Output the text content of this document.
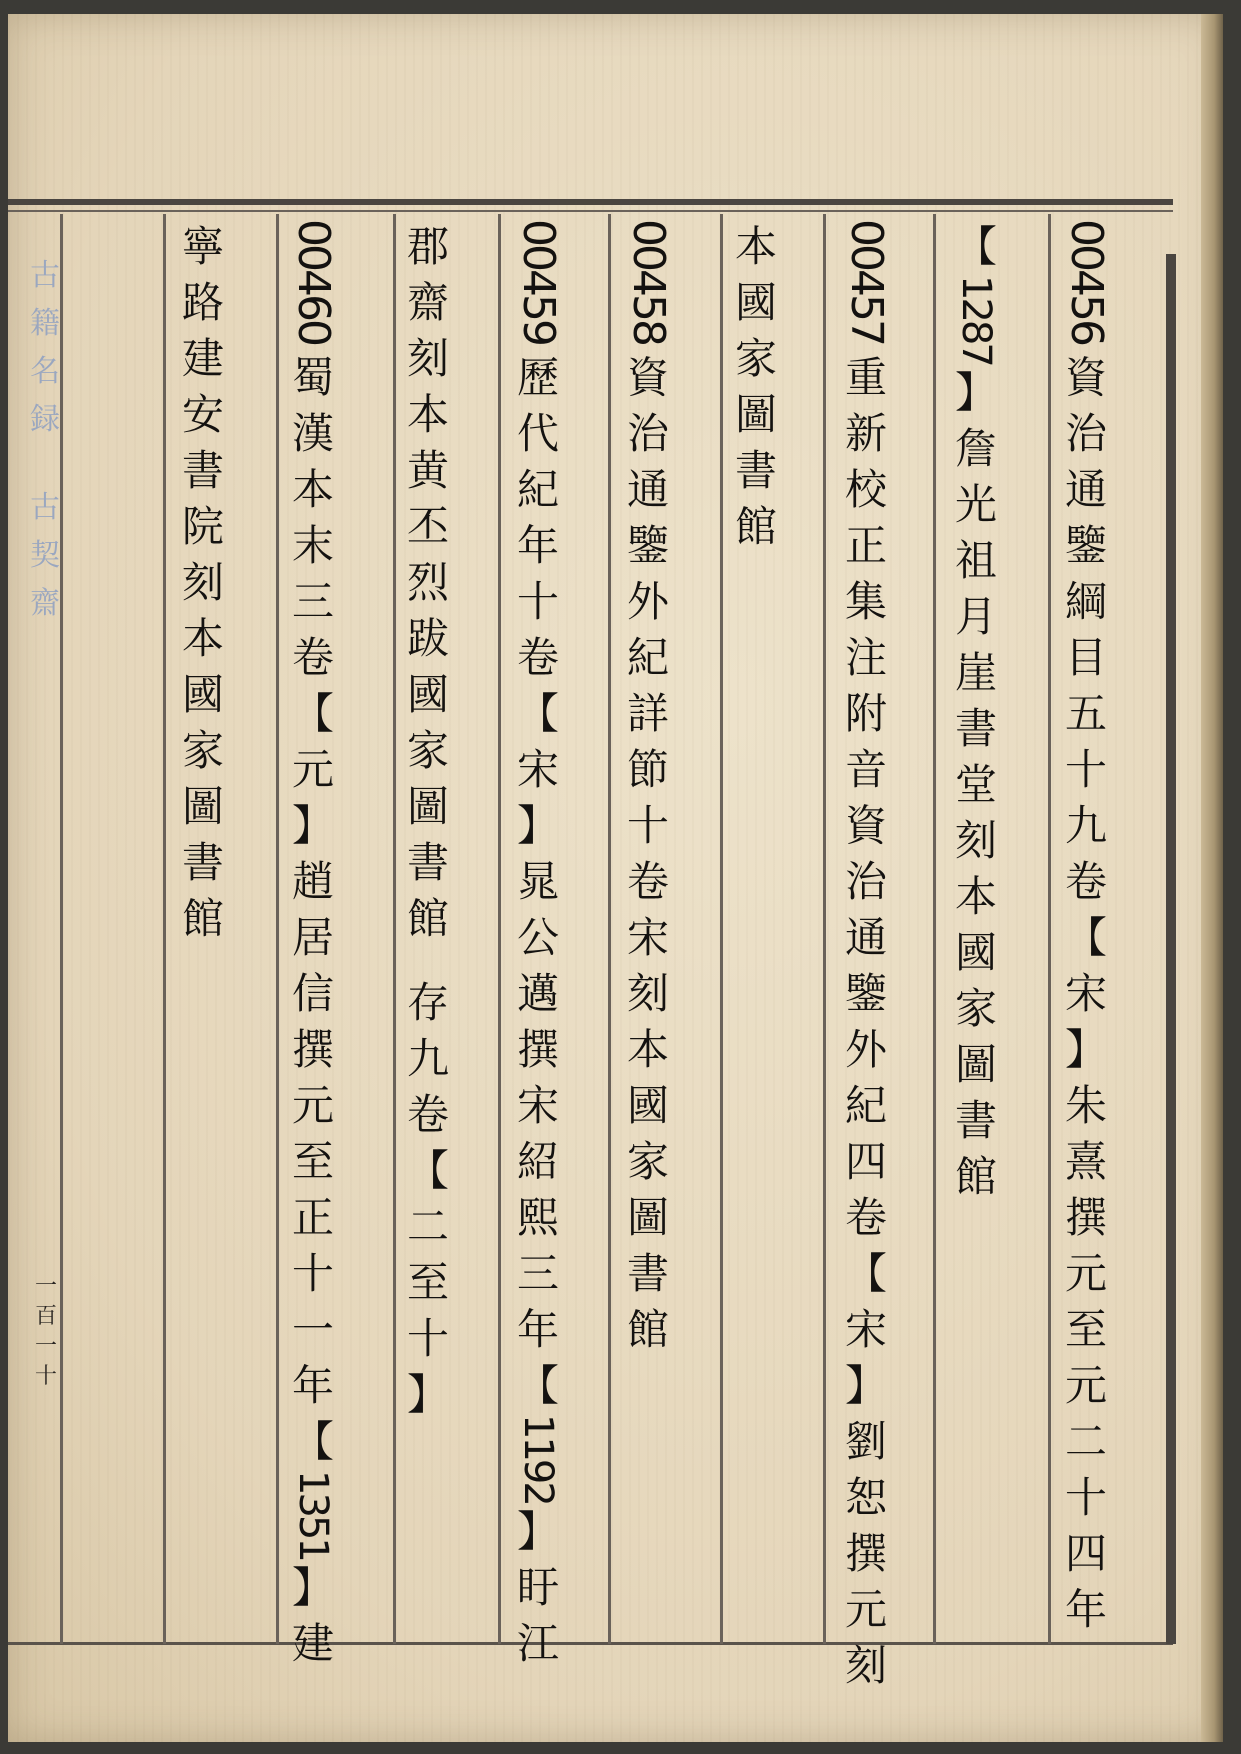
古
籍
名
録
古
契
齋
一
百
一
十
00456
資
治
通
鑒
綱
目
五
十
九
卷
【
宋
】
朱
熹
撰
元
至
元
二
十
四
年
【
1287
】
詹
光
祖
月
崖
書
堂
刻
本
國
家
圖
書
館
00457
重
新
校
正
集
注
附
音
資
治
通
鑒
外
紀
四
卷
【
宋
】
劉
恕
撰
元
刻
本
國
家
圖
書
館
00458
資
治
通
鑒
外
紀
詳
節
十
卷
宋
刻
本
國
家
圖
書
館
00459
歷
代
紀
年
十
卷
【
宋
】
晁
公
邁
撰
宋
紹
熙
三
年
【
1192
】
盱
江
郡
齋
刻
本
黄
丕
烈
跋
國
家
圖
書
館
存
九
卷
【
二
至
十
】
00460
蜀
漢
本
末
三
卷
【
元
】
趙
居
信
撰
元
至
正
十
一
年
【
1351
】
建
寧
路
建
安
書
院
刻
本
國
家
圖
書
館
